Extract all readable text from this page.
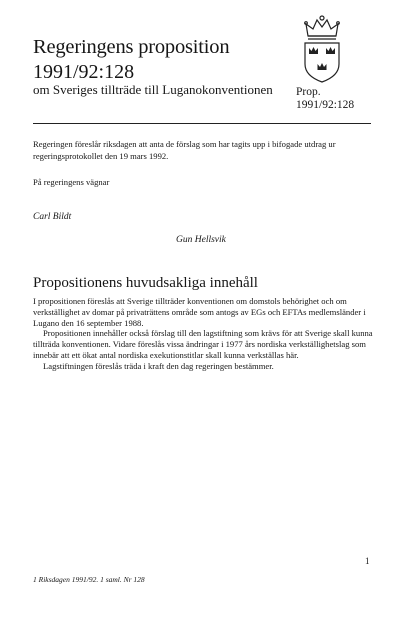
Regeringens proposition
1991/92:128
om Sveriges tillträde till Luganokonventionen Prop.
1991/92:128
Regeringen föreslår riksdagen att anta de förslag som har tagits upp i bifogade utdrag ur regeringsprotokollet den 19 mars 1992.
På regeringens vägnar
Carl Bildt
Gun Hellsvik
Propositionens huvudsakliga innehåll

I propositionen föreslås att Sverige tillträder konventionen om domstols behörighet och om verkställighet av domar på privaträttens område som antogs av EGs och EFTAs medlemsländer i Lugano den 16 september 1988.

Propositionen innehåller också förslag till den lagstiftning som krävs för att Sverige skall kunna tillträda konventionen. Vidare föreslås vissa ändringar i 1977 års nordiska verkställighetslag som innebär att ett ökat antal nordiska exekutionstitlar skall kunna verkställas här.

Lagstiftningen föreslås träda i kraft den dag regeringen bestämmer.

1
1 Riksdagen 1991/92. 1 saml. Nr 128
